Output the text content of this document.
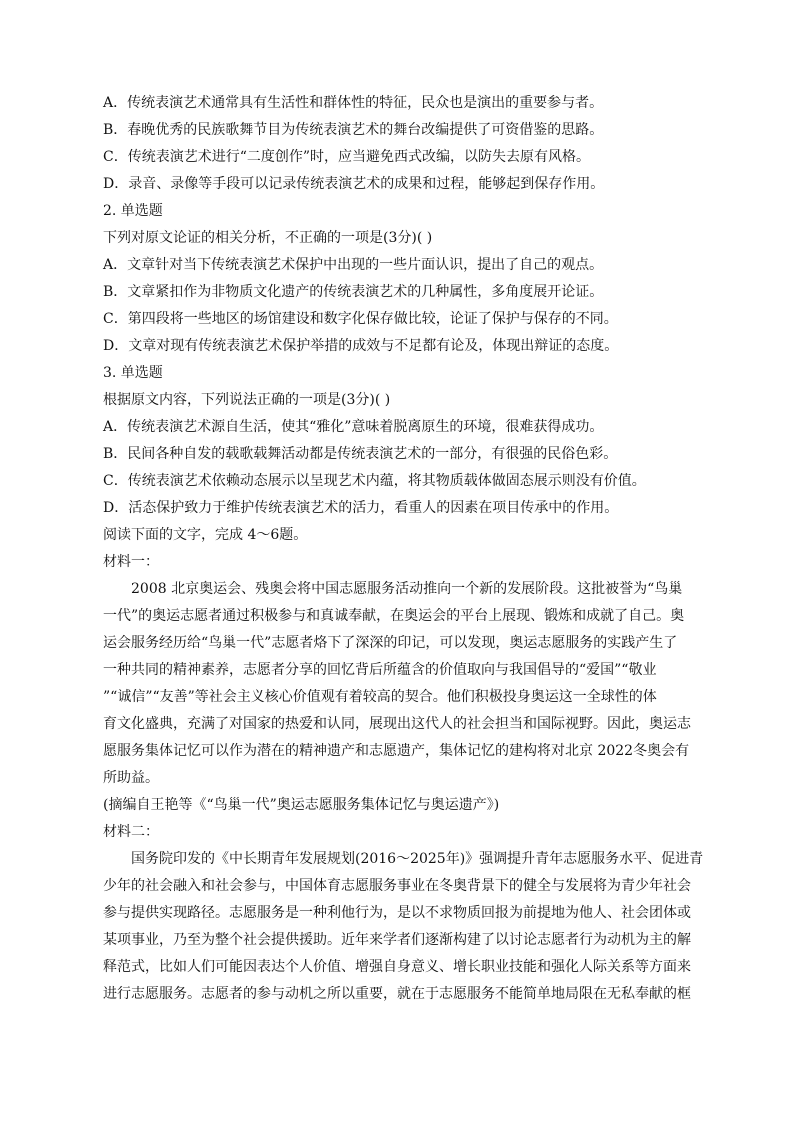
A．传统表演艺术通常具有生活性和群体性的特征，民众也是演出的重要参与者。
B．春晚优秀的民族歌舞节目为传统表演艺术的舞台改编提供了可资借鉴的思路。
C．传统表演艺术进行“二度创作”时，应当避免西式改编，以防失去原有风格。
D．录音、录像等手段可以记录传统表演艺术的成果和过程，能够起到保存作用。
2. 单选题
下列对原文论证的相关分析，不正确的一项是(3分)( )
A．文章针对当下传统表演艺术保护中出现的一些片面认识，提出了自己的观点。
B．文章紧扣作为非物质文化遗产的传统表演艺术的几种属性，多角度展开论证。
C．第四段将一些地区的场馆建设和数字化保存做比较，论证了保护与保存的不同。
D．文章对现有传统表演艺术保护举措的成效与不足都有论及，体现出辩证的态度。
3. 单选题
根据原文内容，下列说法正确的一项是(3分)( )
A．传统表演艺术源自生活，使其“雅化”意味着脱离原生的环境，很难获得成功。
B．民间各种自发的载歌载舞活动都是传统表演艺术的一部分，有很强的民俗色彩。
C．传统表演艺术依赖动态展示以呈现艺术内蕴，将其物质载体做固态展示则没有价值。
D．活态保护致力于维护传统表演艺术的活力，看重人的因素在项目传承中的作用。
阅读下面的文字，完成 4～6题。
材料一：
2008 北京奥运会、残奥会将中国志愿服务活动推向一个新的发展阶段。这批被誉为“鸟巢
一代”的奥运志愿者通过积极参与和真诚奉献，在奥运会的平台上展现、锻炼和成就了自己。奥
运会服务经历给“鸟巢一代”志愿者烙下了深深的印记，可以发现，奥运志愿服务的实践产生了
一种共同的精神素养，志愿者分享的回忆背后所蕴含的价值取向与我国倡导的“爱国”“敬业
”“诚信”“友善”等社会主义核心价值观有着较高的契合。他们积极投身奥运这一全球性的体
育文化盛典，充满了对国家的热爱和认同，展现出这代人的社会担当和国际视野。因此，奥运志
愿服务集体记忆可以作为潜在的精神遗产和志愿遗产，集体记忆的建构将对北京 2022冬奥会有
所助益。
(摘编自王艳等《“鸟巢一代”奥运志愿服务集体记忆与奥运遗产》)
材料二：
国务院印发的《中长期青年发展规划(2016～2025年)》强调提升青年志愿服务水平、促进青
少年的社会融入和社会参与，中国体育志愿服务事业在冬奥背景下的健全与发展将为青少年社会
参与提供实现路径。志愿服务是一种利他行为，是以不求物质回报为前提地为他人、社会团体或
某项事业，乃至为整个社会提供援助。近年来学者们逐渐构建了以讨论志愿者行为动机为主的解
释范式，比如人们可能因表达个人价值、增强自身意义、增长职业技能和强化人际关系等方面来
进行志愿服务。志愿者的参与动机之所以重要，就在于志愿服务不能简单地局限在无私奉献的框
